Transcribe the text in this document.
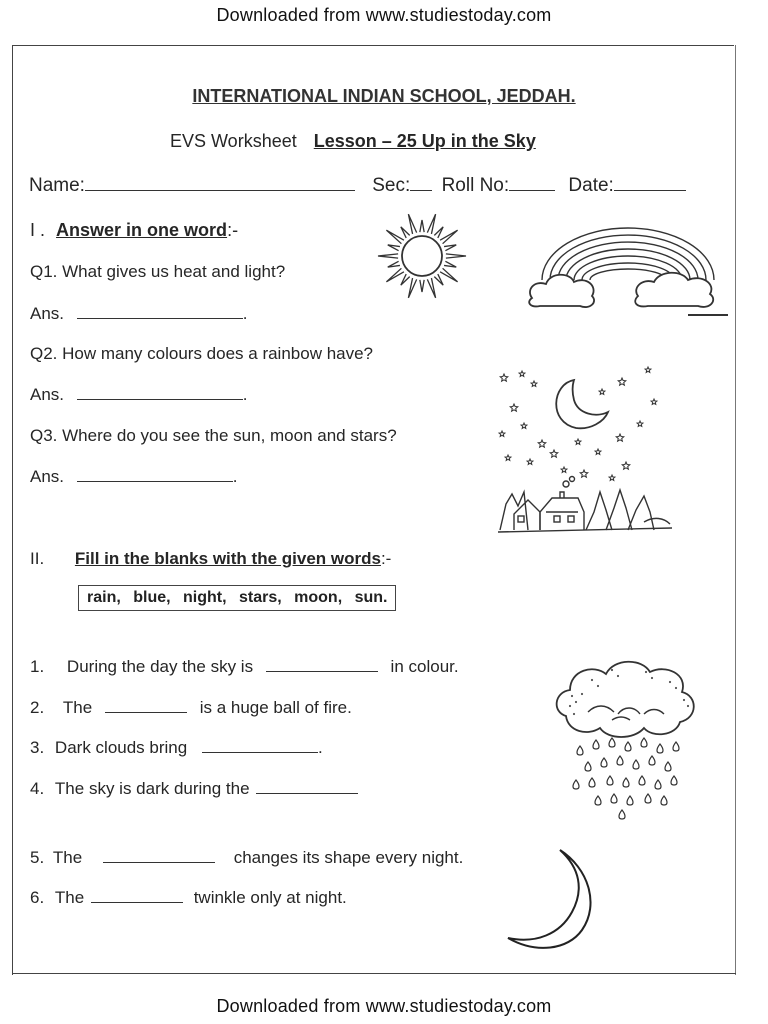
Downloaded from www.studiestoday.com
Downloaded from www.studiestoday.com
INTERNATIONAL INDIAN SCHOOL, JEDDAH.
EVS Worksheet Lesson – 25 Up in the Sky
Name:	Sec: Roll No:	Date:
I . Answer in one word:-
Q1. What gives us heat and light?
Ans.	.
Q2. How many colours does a rainbow have?
Ans.	.
Q3. Where do you see the sun, moon and stars?
Ans.	.
II. Fill in the blanks with the given words:-
rain, blue, night, stars, moon, sun.
1. During the day the sky is	in colour.
2. The	is a huge ball of fire.
3. Dark clouds bring	.
4. The sky is dark during the
5. The	changes its shape every night.
6. The	twinkle only at night.
